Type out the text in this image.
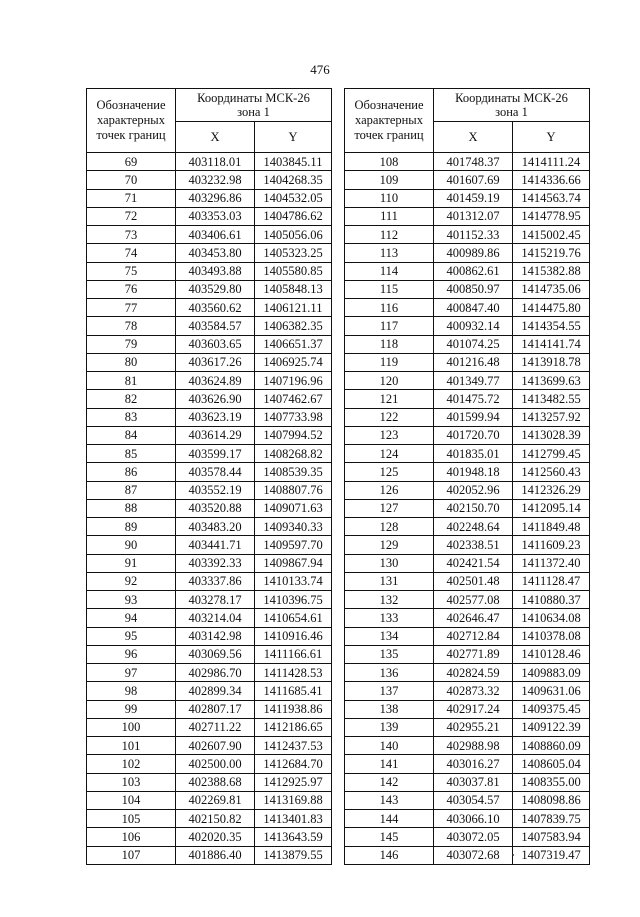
476
Обозначение характерных точек границ	Координаты МСК-26
зона 1	
	X	Y
69	403118.01	1403845.11
70	403232.98	1404268.35
71	403296.86	1404532.05
72	403353.03	1404786.62
73	403406.61	1405056.06
74	403453.80	1405323.25
75	403493.88	1405580.85
76	403529.80	1405848.13
77	403560.62	1406121.11
78	403584.57	1406382.35
79	403603.65	1406651.37
80	403617.26	1406925.74
81	403624.89	1407196.96
82	403626.90	1407462.67
83	403623.19	1407733.98
84	403614.29	1407994.52
85	403599.17	1408268.82
86	403578.44	1408539.35
87	403552.19	1408807.76
88	403520.88	1409071.63
89	403483.20	1409340.33
90	403441.71	1409597.70
91	403392.33	1409867.94
92	403337.86	1410133.74
93	403278.17	1410396.75
94	403214.04	1410654.61
95	403142.98	1410916.46
96	403069.56	1411166.61
97	402986.70	1411428.53
98	402899.34	1411685.41
99	402807.17	1411938.86
100	402711.22	1412186.65
101	402607.90	1412437.53
102	402500.00	1412684.70
103	402388.68	1412925.97
104	402269.81	1413169.88
105	402150.82	1413401.83
106	402020.35	1413643.59
107	401886.40	1413879.55
Обозначение характерных точек границ	Координаты МСК-26
зона 1	
	X	Y
108	401748.37	1414111.24
109	401607.69	1414336.66
110	401459.19	1414563.74
111	401312.07	1414778.95
112	401152.33	1415002.45
113	400989.86	1415219.76
114	400862.61	1415382.88
115	400850.97	1414735.06
116	400847.40	1414475.80
117	400932.14	1414354.55
118	401074.25	1414141.74
119	401216.48	1413918.78
120	401349.77	1413699.63
121	401475.72	1413482.55
122	401599.94	1413257.92
123	401720.70	1413028.39
124	401835.01	1412799.45
125	401948.18	1412560.43
126	402052.96	1412326.29
127	402150.70	1412095.14
128	402248.64	1411849.48
129	402338.51	1411609.23
130	402421.54	1411372.40
131	402501.48	1411128.47
132	402577.08	1410880.37
133	402646.47	1410634.08
134	402712.84	1410378.08
135	402771.89	1410128.46
136	402824.59	1409883.09
137	402873.32	1409631.06
138	402917.24	1409375.45
139	402955.21	1409122.39
140	402988.98	1408860.09
141	403016.27	1408605.04
142	403037.81	1408355.00
143	403054.57	1408098.86
144	403066.10	1407839.75
145	403072.05	1407583.94
146	403072.68	1407319.47
